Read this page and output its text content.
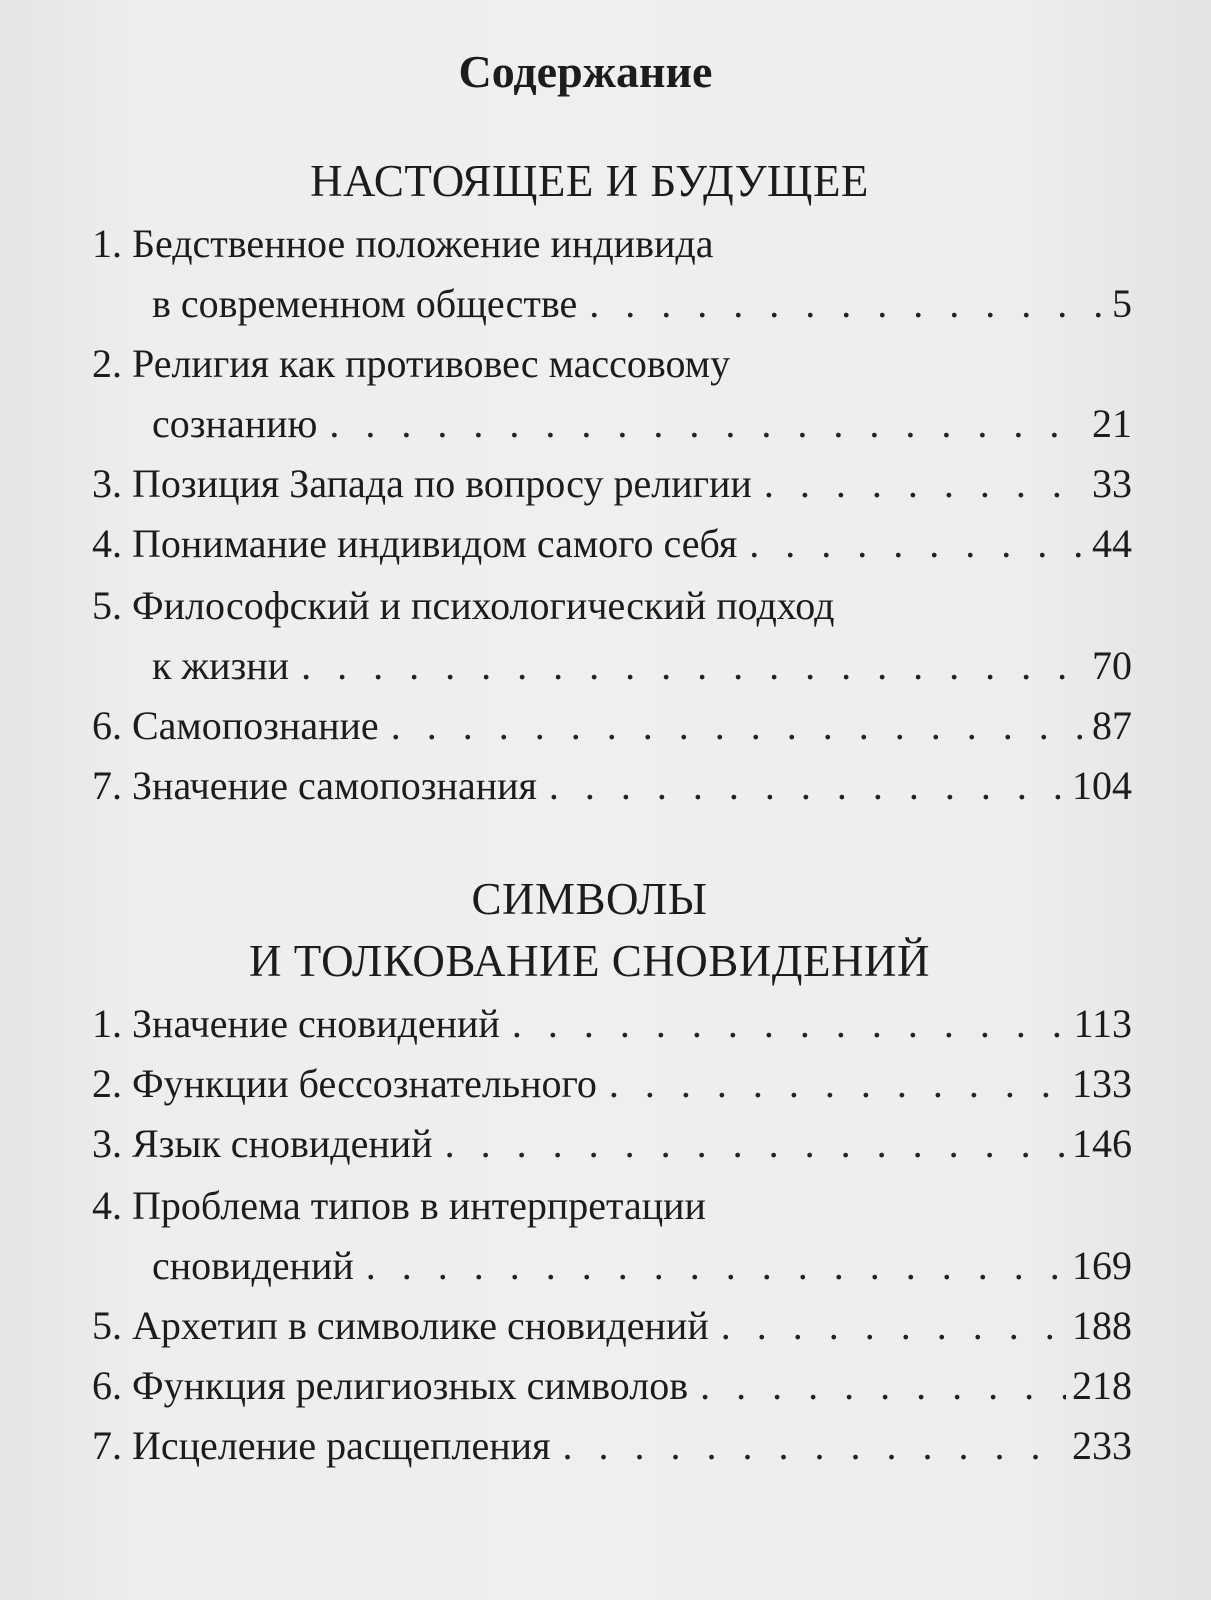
Содержание
НАСТОЯЩЕЕ И БУДУЩЕЕ
1. Бедственное положение индивида
в современном обществе . . .	5
2. Религия как противовес массовому
сознанию . . .	21
3. Позиция Запада по вопросу религии . . .	33
4. Понимание индивидом самого себя . . .	44
5. Философский и психологический подход
к жизни . . .	70
6. Самопознание . . .	87
7. Значение самопознания . . .	104
СИМВОЛЫ
И ТОЛКОВАНИЕ СНОВИДЕНИЙ
1. Значение сновидений . . .	113
2. Функции бессознательного . . .	133
3. Язык сновидений . . .	146
4. Проблема типов в интерпретации
сновидений . . .	169
5. Архетип в символике сновидений . . .	188
6. Функция религиозных символов . . .	218
7. Исцеление расщепления . . .	233
